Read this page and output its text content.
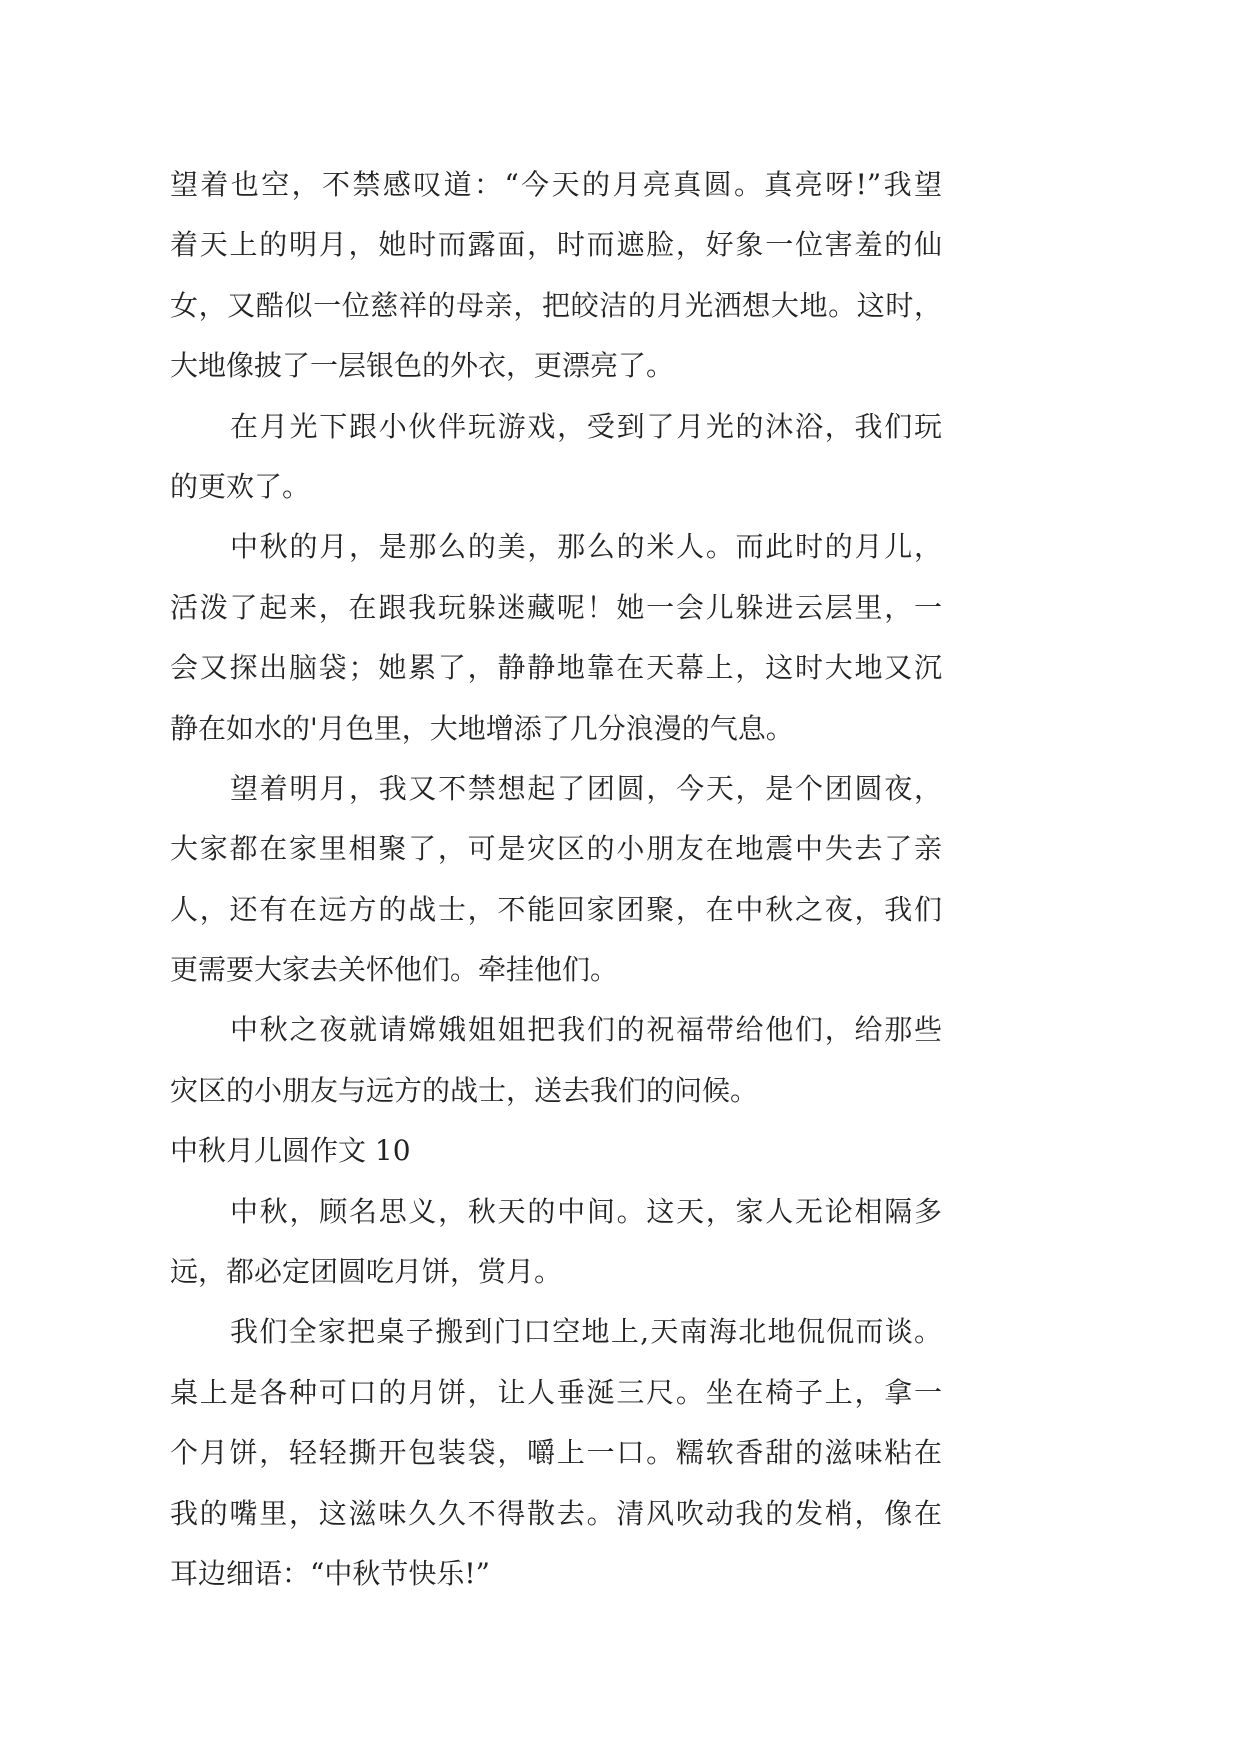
望着也空，不禁感叹道：“今天的月亮真圆。真亮呀!”我望
着天上的明月，她时而露面，时而遮脸，好象一位害羞的仙
女，又酷似一位慈祥的母亲，把皎洁的月光洒想大地。这时，
大地像披了一层银色的外衣，更漂亮了。
在月光下跟小伙伴玩游戏，受到了月光的沐浴，我们玩
的更欢了。
中秋的月，是那么的美，那么的米人。而此时的月儿，
活泼了起来，在跟我玩躲迷藏呢！她一会儿躲进云层里，一
会又探出脑袋；她累了，静静地靠在天幕上，这时大地又沉
静在如水的'月色里，大地增添了几分浪漫的气息。
望着明月，我又不禁想起了团圆，今天，是个团圆夜，
大家都在家里相聚了，可是灾区的小朋友在地震中失去了亲
人，还有在远方的战士，不能回家团聚，在中秋之夜，我们
更需要大家去关怀他们。牵挂他们。
中秋之夜就请嫦娥姐姐把我们的祝福带给他们，给那些
灾区的小朋友与远方的战士，送去我们的问候。
中秋月儿圆作文 10
中秋，顾名思义，秋天的中间。这天，家人无论相隔多
远，都必定团圆吃月饼，赏月。
我们全家把桌子搬到门口空地上,天南海北地侃侃而谈。
桌上是各种可口的月饼，让人垂涎三尺。坐在椅子上，拿一
个月饼，轻轻撕开包装袋，嚼上一口。糯软香甜的滋味粘在
我的嘴里，这滋味久久不得散去。清风吹动我的发梢，像在
耳边细语：“中秋节快乐!”
